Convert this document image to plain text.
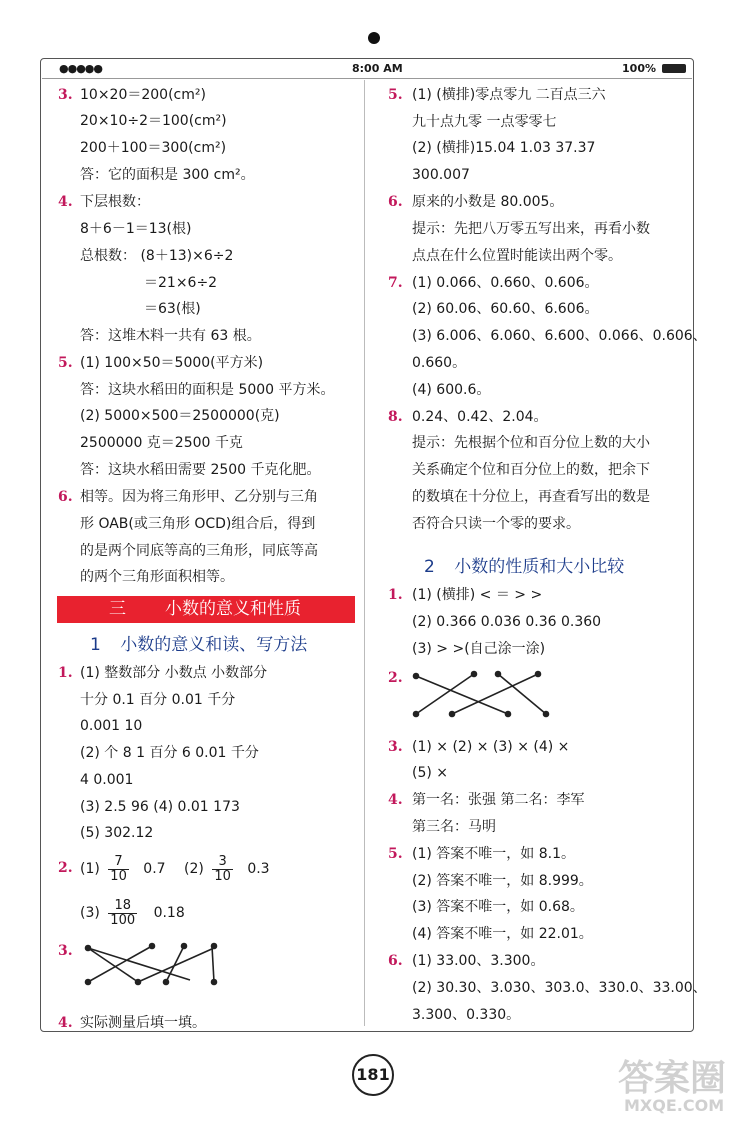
●●●●●	8:00 AM	100%
3. 10×20＝200(cm²)
20×10÷2＝100(cm²)
200＋100＝300(cm²)
答：它的面积是 300 cm²。
4. 下层根数：
8＋6－1＝13(根)
总根数： (8＋13)×6÷2
＝21×6÷2
＝63(根)
答：这堆木料一共有 63 根。
5. (1) 100×50＝5000(平方米)
答：这块水稻田的面积是 5000 平方米。
(2) 5000×500＝2500000(克)
2500000 克＝2500 千克
答：这块水稻田需要 2500 千克化肥。
6. 相等。因为将三角形甲、乙分别与三角
形 OAB(或三角形 OCD)组合后，得到
的是两个同底等高的三角形，同底等高
的两个三角形面积相等。
三 小数的意义和性质
1 小数的意义和读、写方法
1. (1) 整数部分 小数点 小数部分
十分 0.1 百分 0.01 千分
0.001 10
(2) 个 8 1 百分 6 0.01 千分
4 0.001
(3) 2.5 96 (4) 0.01 173
(5) 302.12
2. $(1) \frac{7}{10} 0.7$ $(2) \frac{3}{10} 0.3$
$(3) \frac{18}{100} 0.18$
3.
4. 实际测量后填一填。
5. (1) (横排)零点零九 二百点三六
九十点九零 一点零零七
(2) (横排)15.04 1.03 37.37
300.007
6. 原来的小数是 80.005。
提示：先把八万零五写出来，再看小数
点点在什么位置时能读出两个零。
7. (1) 0.066、0.660、0.606。
(2) 60.06、60.60、6.606。
(3) 6.006、6.060、6.600、0.066、0.606、
0.660。
(4) 600.6。
8. 0.24、0.42、2.04。
提示：先根据个位和百分位上数的大小
关系确定个位和百分位上的数，把余下
的数填在十分位上，再查看写出的数是
否符合只读一个零的要求。
2 小数的性质和大小比较
1. (1) (横排) < ＝ > >
(2) 0.366 0.036 0.36 0.360
(3) > >(自己涂一涂)
2.
3. (1) × (2) × (3) × (4) ×
(5) ×
4. 第一名：张强 第二名：李军
第三名：马明
5. (1) 答案不唯一，如 8.1。
(2) 答案不唯一，如 8.999。
(3) 答案不唯一，如 0.68。
(4) 答案不唯一，如 22.01。
6. (1) 33.00、3.300。
(2) 30.30、3.030、303.0、330.0、33.00、
3.300、0.330。
181	答案圈
MXQE.COM
